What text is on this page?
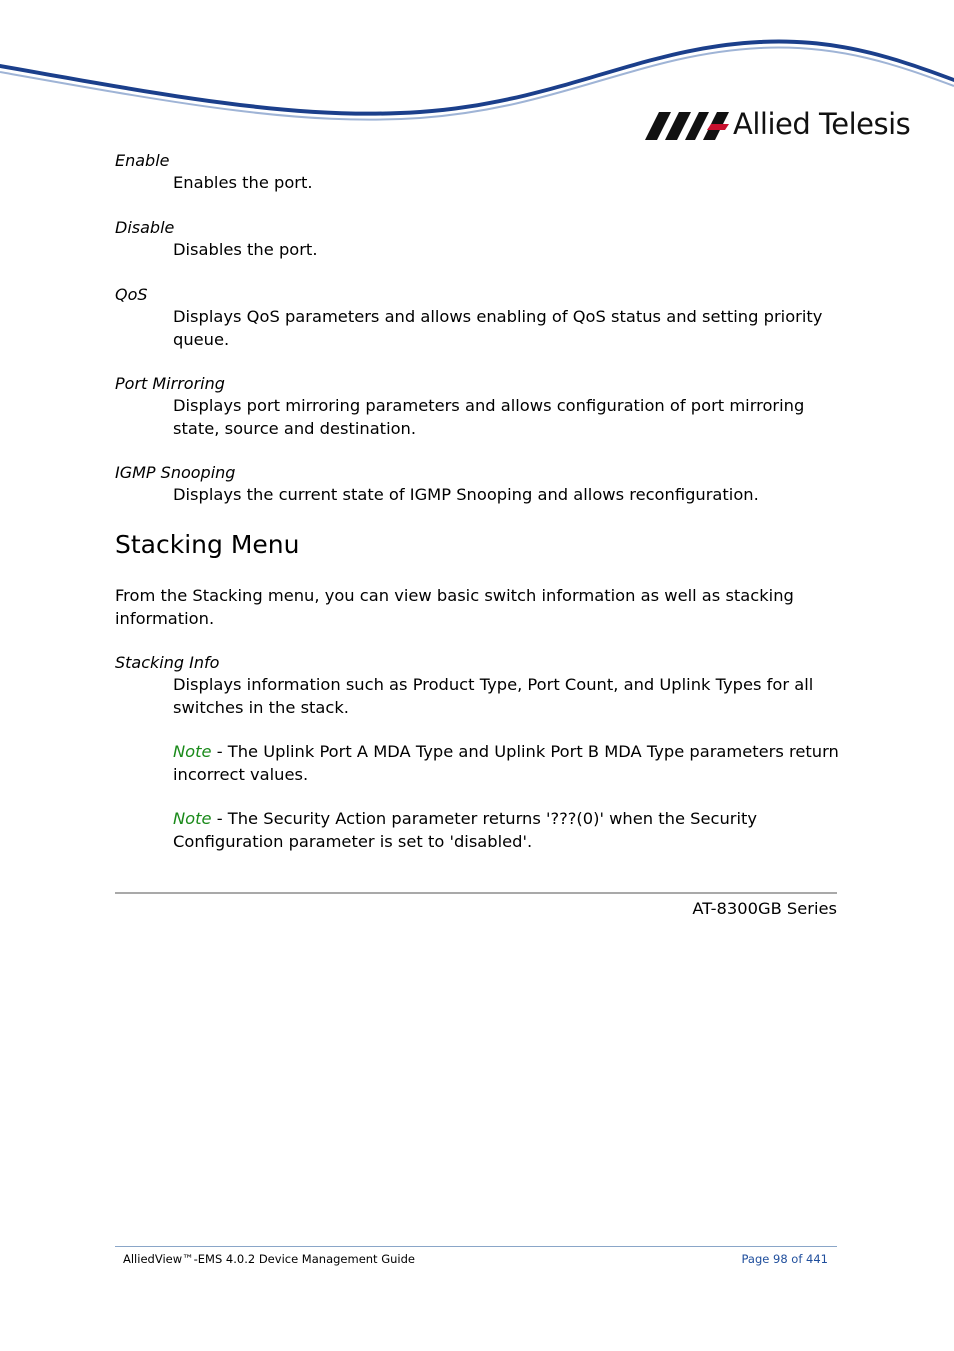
Allied Telesis
Enable
Enables the port.
Disable
Disables the port.
QoS
Displays QoS parameters and allows enabling of QoS status and setting priority queue.
Port Mirroring
Displays port mirroring parameters and allows configuration of port mirroring state, source and destination.
IGMP Snooping
Displays the current state of IGMP Snooping and allows reconfiguration.
Stacking Menu
From the Stacking menu, you can view basic switch information as well as stacking information.
Stacking Info
Displays information such as Product Type, Port Count, and Uplink Types for all switches in the stack.
Note - The Uplink Port A MDA Type and Uplink Port B MDA Type parameters return incorrect values.
Note - The Security Action parameter returns '???(0)' when the Security Configuration parameter is set to 'disabled'.
AT-8300GB Series
AlliedView™-EMS 4.0.2 Device Management Guide	Page 98 of 441
